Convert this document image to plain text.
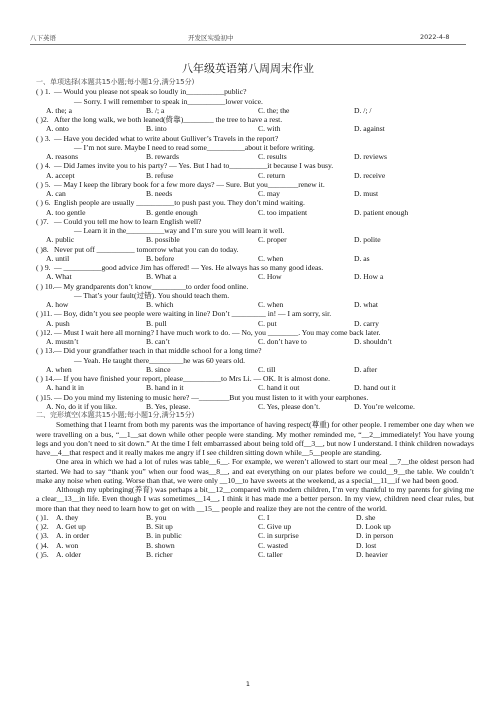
八下英语	开发区实验初中	2022-4-8
八年级英语第八周周末作业
一、单项选择(本题共15小题;每小题1分,满分15分)
( ) 1. — Would you please not speak so loudly in__________public?
— Sorry. I will remember to speak in__________lower voice.
A. the; a	B. /; a	C. the; the	D. /; /
( )2. After the long walk, we both leaned(倚靠)________ the tree to have a rest.
A. onto	B. into	C. with	D. against
( ) 3. — Have you decided what to write about Gulliver’s Travels in the report?
— I’m not sure. Maybe I need to read some__________about it before writing.
A. reasons	B. rewards	C. results	D. reviews
( ) 4. — Did James invite you to his party? — Yes. But I had to__________it because I was busy.
A. accept	B. refuse	C. return	D. receive
( ) 5. — May I keep the library book for a few more days? — Sure. But you________renew it.
A. can	B. needs	C. may	D. must
( ) 6. English people are usually __________to push past you. They don’t mind waiting.
A. too gentle	B. gentle enough	C. too impatient	D. patient enough
( )7. — Could you tell me how to learn English well?
— Learn it in the__________way and I’m sure you will learn it well.
A. public	B. possible	C. proper	D. polite
( )8. Never put off __________ tomorrow what you can do today.
A. until	B. before	C. when	D. as
( ) 9. — __________good advice Jim has offered! — Yes. He always has so many good ideas.
A. What	B. What a	C. How	D. How a
( ) 10. — My grandparents don’t know_________to order food online.
— That’s your fault(过错). You should teach them.
A. how	B. which	C. when	D. what
( )11. — Boy, didn’t you see people were waiting in line? Don’t _________ in! — I am sorry, sir.
A. push	B. pull	C. put	D. carry
( )12. — Must I wait here all morning? I have much work to do. — No, you ________. You may come back later.
A. mustn’t	B. can’t	C. don’t have to	D. shouldn’t
( ) 13. — Did your grandfather teach in that middle school for a long time?
— Yeah. He taught there_________he was 60 years old.
A. when	B. since	C. till	D. after
( ) 14. — If you have finished your report, please__________to Mrs Li. — OK. It is almost done.
A. hand it in	B. hand in it	C. hand it out	D. hand out it
( )15. — Do you mind my listening to music here? —________But you must listen to it with your earphones.
A. No, do it if you like.	B. Yes, please.	C. Yes, please don’t.	D. You’re welcome.
二、完形填空(本题共15小题;每小题1分,满分15分)
Something that I learnt from both my parents was the importance of having respect(尊重) for other people. I remember one day when we were travelling on a bus, “__1__sat down while other people were standing. My mother reminded me, “__2__immediately! You have young legs and you don’t need to sit down.” At the time I felt embarrassed about being told off__3__, but now I understand. I think children nowadays have__4__that respect and it really makes me angry if I see children sitting down while__5__people are standing.
One area in which we had a lot of rules was table__6__. For example, we weren’t allowed to start our meal __7__the oldest person had started. We had to say “thank you” when our food was__8__, and eat everything on our plates before we could__9__the table. We couldn’t make any noise when eating. Worse than that, we were only __10__to have sweets at the weekend, as a special__11__if we had been good.
Although my upbringing(养育) was perhaps a bit__12__compared with modern children, I’m very thankful to my parents for giving me a clear__13__in life. Even though I was sometimes__14__, I think it has made me a better person. In my view, children need clear rules, but more than that they need to learn how to get on with __15__ people and realize they are not the centre of the world.
( )1. A. they	B. you	C. I	D. she
( )2. A. Get up	B. Sit up	C. Give up	D. Look up
( )3. A. in order	B. in public	C. in surprise	D. in person
( )4. A. won	B. shown	C. wasted	D. lost
( )5. A. older	B. richer	C. taller	D. heavier
1
